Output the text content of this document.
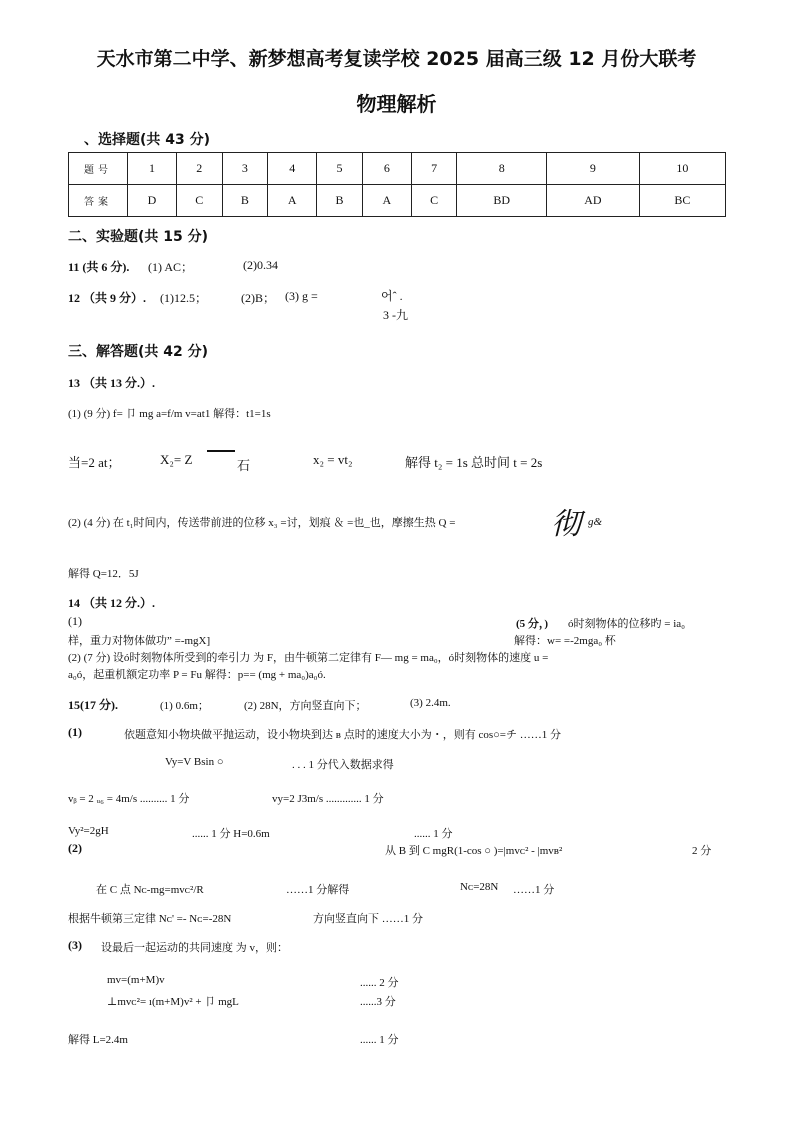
天水市第二中学、新梦想高考复读学校 2025 届高三级 12 月份大联考
物理解析
、选择题(共 43 分)
题号	1	2	3	4	5	6	7	8	9	10
答案	D	C	B	A	B	A	C	BD	AD	BC
二、实验题(共 15 分)
11 (共 6 分). (1) AC；	(2)0.34
12 （共 9 分）. (1)12.5；	(2)B； (3) g =	어ˆ .
3 -九
三、解答题(共 42 分)
13 （共 13 分.）.
(1) (9 分) f= 卩 mg a=f/m v=at1 解得：t1=1s
当=2 at；	X₂= Z	石	x₂ = vt₂	解得 t₂ = 1s 总时间 t = 2s
(2) (4 分) 在 t₁时间内，传送带前进的位移 x₃ =讨，划痕 ＆ =也_也，摩擦生热 Q =	彻 g&
解得 Q=12．5J
14 （共 12 分.）.
(1)	(5 分，) ó时刻物体的位移旳 = ia₀
样，重力对物体做功” =-mgX]	解得：w= =-2mga₀ 杯
(2) (7 分) 设ó时刻物体所受到的牵引力 为 F，由牛顿第二定律有 F— mg = ma₀，ó时刻物体的速度 u =
a₀ó，起重机额定功率 P = Fu 解得：p== (mg + ma₀)a₀ó.
15(17 分).	(1) 0.6m；	(2) 28N，方向竖直向下；	(3) 2.4m.
(1)	依题意知小物块做平抛运动，设小物块到达 ʙ 点时的速度大小为・，则有 cos○=チ ……1 分
Vy=V Bsin ○	. . . 1 分代入数据求得
vᵦ = 2 ᵤ₆ = 4m/s .......... 1 分	vy=2 J3m/s ............. 1 分
Vy²=2gH	...... 1 分 H=0.6m	...... 1 分
(2)	从 B 到 C mgR(1-cos ○ )=|mvᴄ² - |mvʙ²	2 分
在 C 点 Nᴄ-mg=mvᴄ²/R	……1 分解得	Nᴄ=28N ……1 分
根据牛顿第三定律 Nᴄ' =- Nᴄ=-28N	方向竖直向下 ……1 分
(3) 设最后一起运动的共同速度 为 v，则：
mv=(m+M)v	...... 2 分
⊥mvᴄ²= ı(m+M)v² + 卩 mgL	......3 分
解得 L=2.4m	...... 1 分
